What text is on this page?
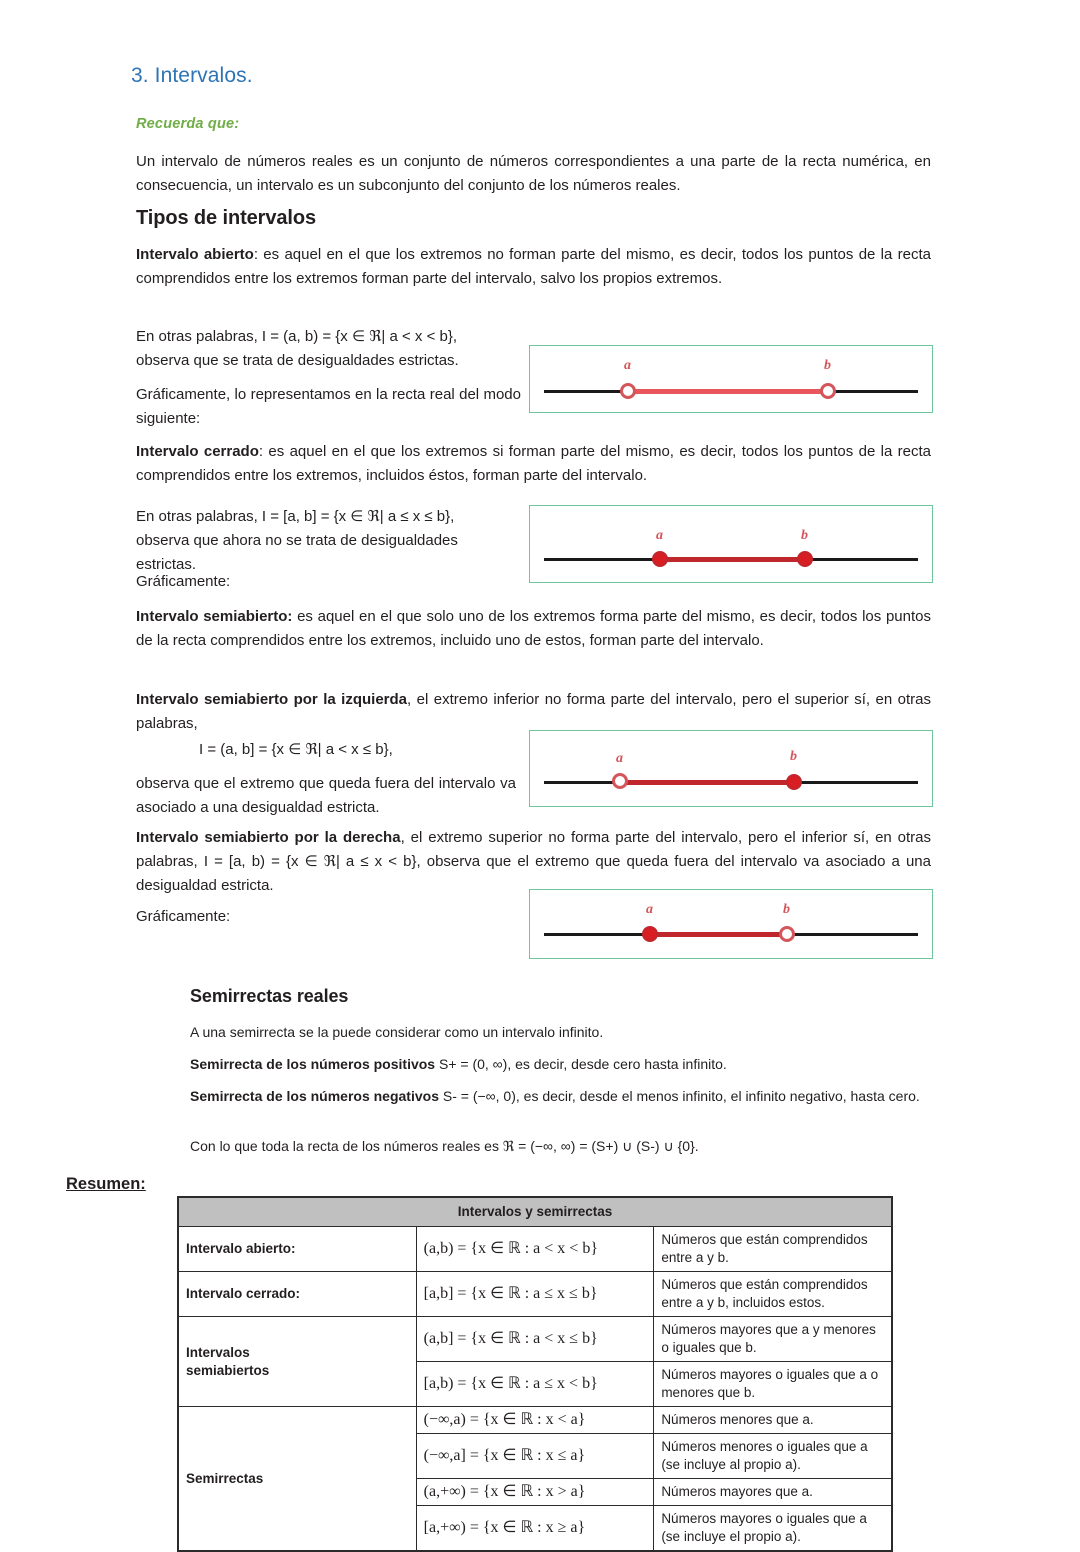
3. Intervalos.
Recuerda que:
Un intervalo de números reales es un conjunto de números correspondientes a una parte de la recta numérica, en consecuencia, un intervalo es un subconjunto del conjunto de los números reales.
Tipos de intervalos
Intervalo abierto: es aquel en el que los extremos no forman parte del mismo, es decir, todos los puntos de la recta comprendidos entre los extremos forman parte del intervalo, salvo los propios extremos.
En otras palabras, I = (a, b) = {x ∈ ℜ| a < x < b},
observa que se trata de desigualdades estrictas.
Gráficamente, lo representamos en la recta real del modo siguiente:
a	b
Intervalo cerrado: es aquel en el que los extremos si forman parte del mismo, es decir, todos los puntos de la recta comprendidos entre los extremos, incluidos éstos, forman parte del intervalo.
En otras palabras, I = [a, b] = {x ∈ ℜ| a ≤ x ≤ b},
observa que ahora no se trata de desigualdades estrictas.
Gráficamente:
a	b
Intervalo semiabierto: es aquel en el que solo uno de los extremos forma parte del mismo, es decir, todos los puntos de la recta comprendidos entre los extremos, incluido uno de estos, forman parte del intervalo.
Intervalo semiabierto por la izquierda, el extremo inferior no forma parte del intervalo, pero el superior sí, en otras palabras,
I = (a, b] = {x ∈ ℜ| a < x ≤ b},
observa que el extremo que queda fuera del intervalo va asociado a una desigualdad estricta.
a	b
Intervalo semiabierto por la derecha, el extremo superior no forma parte del intervalo, pero el inferior sí, en otras palabras, I = [a, b) = {x ∈ ℜ| a ≤ x < b}, observa que el extremo que queda fuera del intervalo va asociado a una desigualdad estricta.
Gráficamente:	a	b
Semirrectas reales
A una semirrecta se la puede considerar como un intervalo infinito.
Semirrecta de los números positivos S+ = (0, ∞), es decir, desde cero hasta infinito.
Semirrecta de los números negativos S- = (−∞, 0), es decir, desde el menos infinito, el infinito negativo, hasta cero.
Con lo que toda la recta de los números reales es ℜ = (−∞, ∞) = (S+) ∪ (S-) ∪ {0}.
Resumen:
Intervalos y semirrectas		
Intervalo abierto:	(a,b) = {x ∈ ℝ : a < x < b}	Números que están comprendidos entre a y b.
Intervalo cerrado:	[a,b] = {x ∈ ℝ : a ≤ x ≤ b}	Números que están comprendidos entre a y b, incluidos estos.
Intervalos
semiabiertos	(a,b] = {x ∈ ℝ : a < x ≤ b}	Números mayores que a y menores o iguales que b.
	[a,b) = {x ∈ ℝ : a ≤ x < b}	Números mayores o iguales que a o menores que b.
Semirrectas	(−∞,a) = {x ∈ ℝ : x < a}	Números menores que a.
	(−∞,a] = {x ∈ ℝ : x ≤ a}	Números menores o iguales que a (se incluye al propio a).
	(a,+∞) = {x ∈ ℝ : x > a}	Números mayores que a.
	[a,+∞) = {x ∈ ℝ : x ≥ a}	Números mayores o iguales que a (se incluye el propio a).
